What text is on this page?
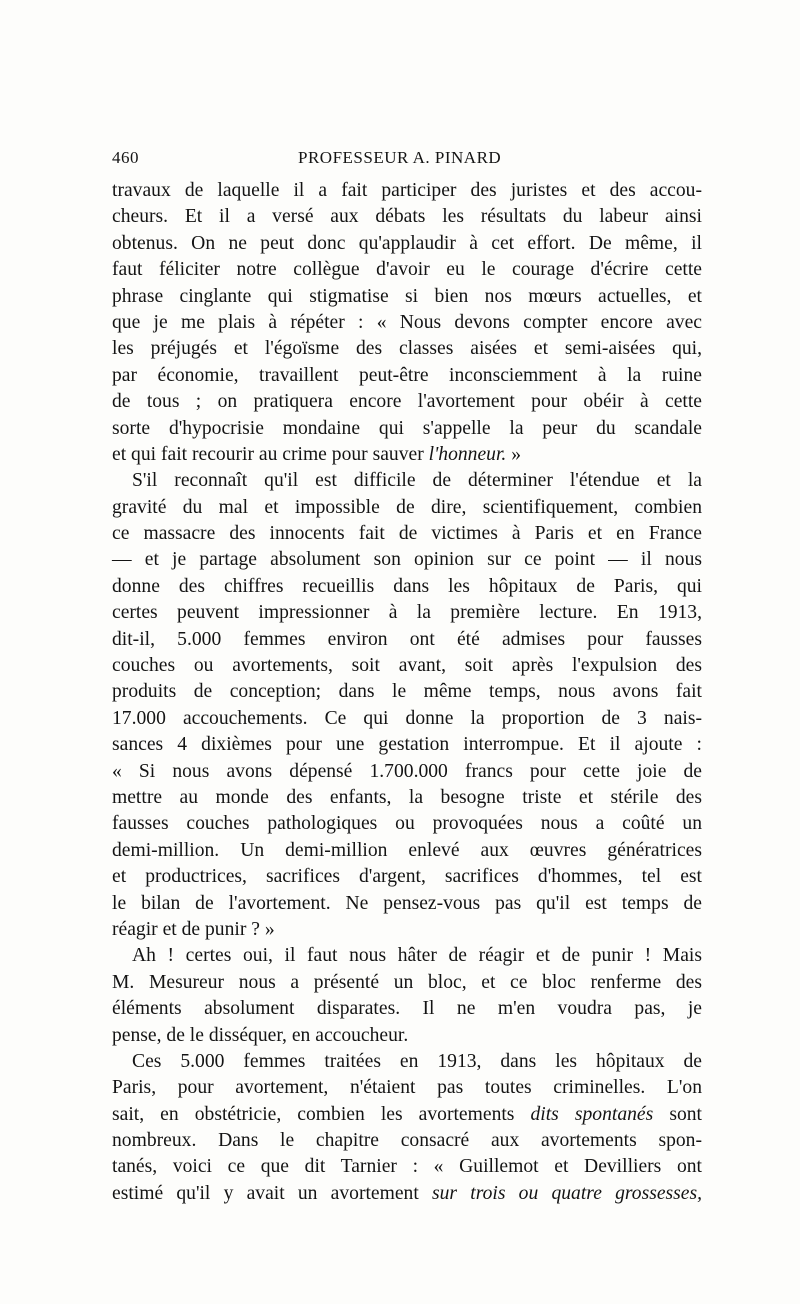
460	PROFESSEUR A. PINARD
travaux de laquelle il a fait participer des juristes et des accou-
cheurs. Et il a versé aux débats les résultats du labeur ainsi
obtenus. On ne peut donc qu'applaudir à cet effort. De même, il
faut féliciter notre collègue d'avoir eu le courage d'écrire cette
phrase cinglante qui stigmatise si bien nos mœurs actuelles, et
que je me plais à répéter : « Nous devons compter encore avec
les préjugés et l'égoïsme des classes aisées et semi-aisées qui,
par économie, travaillent peut-être inconsciemment à la ruine
de tous ; on pratiquera encore l'avortement pour obéir à cette
sorte d'hypocrisie mondaine qui s'appelle la peur du scandale
et qui fait recourir au crime pour sauver l'honneur. »
S'il reconnaît qu'il est difficile de déterminer l'étendue et la
gravité du mal et impossible de dire, scientifiquement, combien
ce massacre des innocents fait de victimes à Paris et en France
— et je partage absolument son opinion sur ce point — il nous
donne des chiffres recueillis dans les hôpitaux de Paris, qui
certes peuvent impressionner à la première lecture. En 1913,
dit-il, 5.000 femmes environ ont été admises pour fausses
couches ou avortements, soit avant, soit après l'expulsion des
produits de conception; dans le même temps, nous avons fait
17.000 accouchements. Ce qui donne la proportion de 3 nais-
sances 4 dixièmes pour une gestation interrompue. Et il ajoute :
« Si nous avons dépensé 1.700.000 francs pour cette joie de
mettre au monde des enfants, la besogne triste et stérile des
fausses couches pathologiques ou provoquées nous a coûté un
demi-million. Un demi-million enlevé aux œuvres génératrices
et productrices, sacrifices d'argent, sacrifices d'hommes, tel est
le bilan de l'avortement. Ne pensez-vous pas qu'il est temps de
réagir et de punir ? »
Ah ! certes oui, il faut nous hâter de réagir et de punir ! Mais
M. Mesureur nous a présenté un bloc, et ce bloc renferme des
éléments absolument disparates. Il ne m'en voudra pas, je
pense, de le disséquer, en accoucheur.
Ces 5.000 femmes traitées en 1913, dans les hôpitaux de
Paris, pour avortement, n'étaient pas toutes criminelles. L'on
sait, en obstétricie, combien les avortements dits spontanés sont
nombreux. Dans le chapitre consacré aux avortements spon-
tanés, voici ce que dit Tarnier : « Guillemot et Devilliers ont
estimé qu'il y avait un avortement sur trois ou quatre grossesses,
